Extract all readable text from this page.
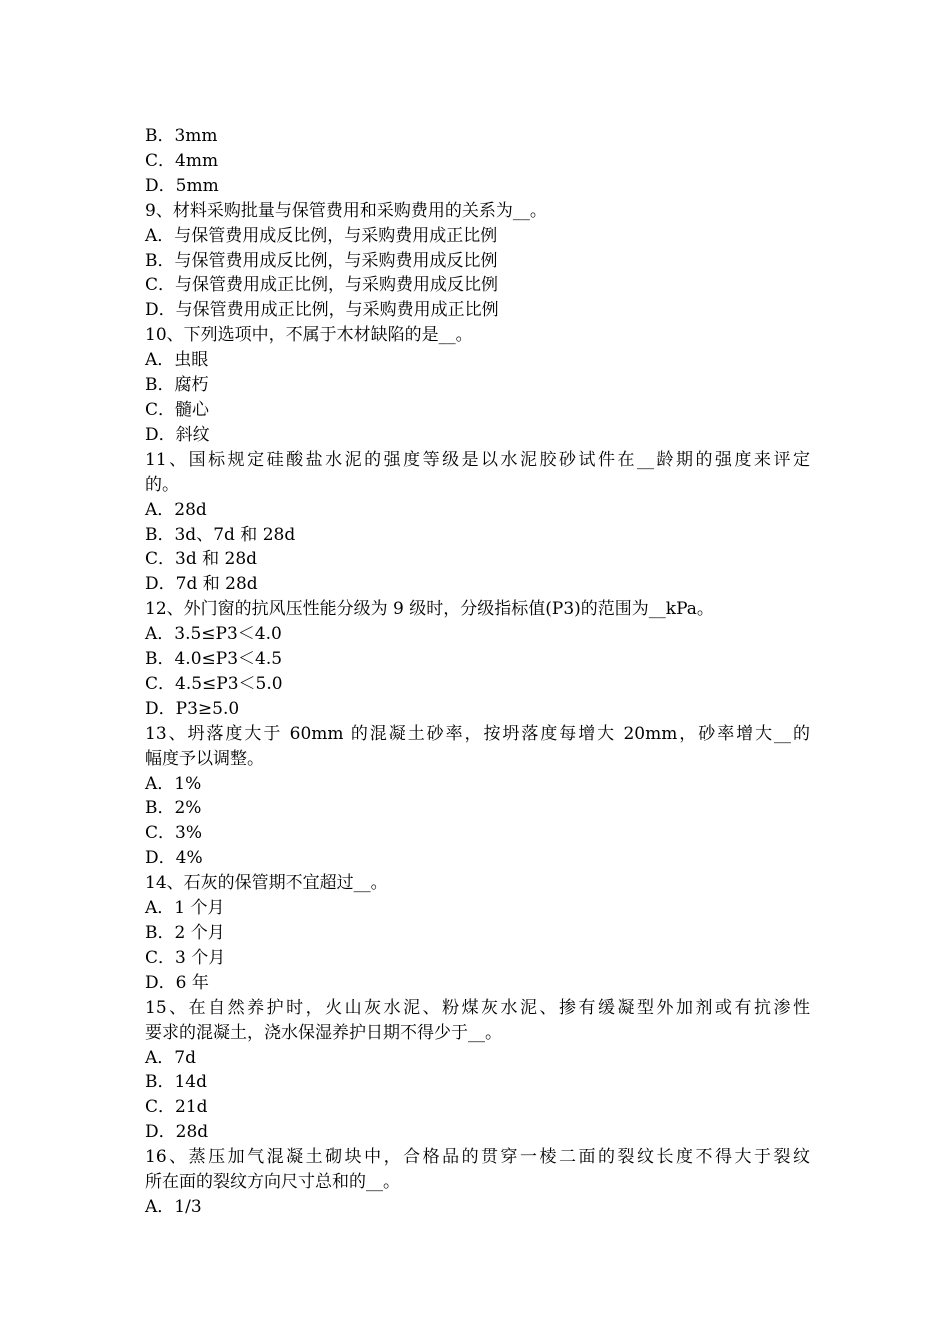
B．3mm
C．4mm
D．5mm
9、材料采购批量与保管费用和采购费用的关系为__。
A．与保管费用成反比例，与采购费用成正比例
B．与保管费用成反比例，与采购费用成反比例
C．与保管费用成正比例，与采购费用成反比例
D．与保管费用成正比例，与采购费用成正比例
10、下列选项中，不属于木材缺陷的是__。
A．虫眼
B．腐朽
C．髓心
D．斜纹
11、国标规定硅酸盐水泥的强度等级是以水泥胶砂试件在__龄期的强度来评定
的。
A．28d
B．3d、7d 和 28d
C．3d 和 28d
D．7d 和 28d
12、外门窗的抗风压性能分级为 9 级时，分级指标值(P3)的范围为__kPa。
A．3.5≤P3＜4.0
B．4.0≤P3＜4.5
C．4.5≤P3＜5.0
D．P3≥5.0
13、坍落度大于 60mm 的混凝土砂率，按坍落度每增大 20mm，砂率增大__的
幅度予以调整。
A．1%
B．2%
C．3%
D．4%
14、石灰的保管期不宜超过__。
A．1 个月
B．2 个月
C．3 个月
D．6 年
15、在自然养护时，火山灰水泥、粉煤灰水泥、掺有缓凝型外加剂或有抗渗性
要求的混凝土，浇水保湿养护日期不得少于__。
A．7d
B．14d
C．21d
D．28d
16、蒸压加气混凝土砌块中，合格品的贯穿一棱二面的裂纹长度不得大于裂纹
所在面的裂纹方向尺寸总和的__。
A．1/3
